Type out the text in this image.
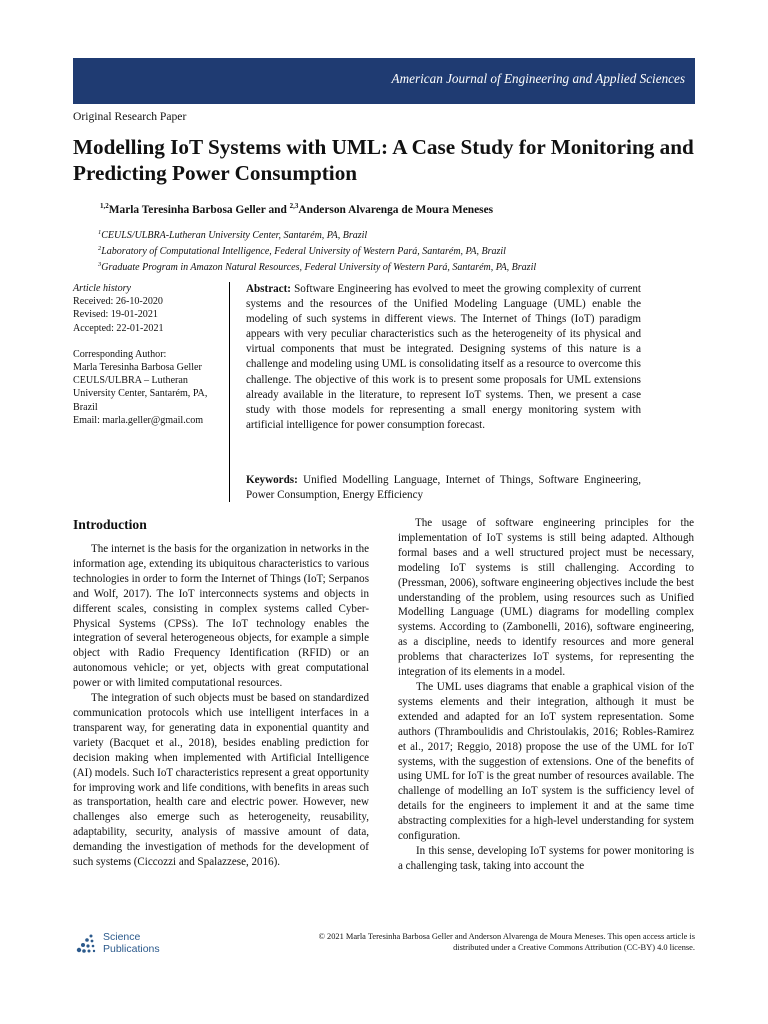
American Journal of Engineering and Applied Sciences
Original Research Paper
Modelling IoT Systems with UML: A Case Study for Monitoring and Predicting Power Consumption
$^{1,2}$Marla Teresinha Barbosa Geller and $^{2,3}$Anderson Alvarenga de Moura Meneses
$^1$CEULS/ULBRA-Lutheran University Center, Santarém, PA, Brazil
$^2$Laboratory of Computational Intelligence, Federal University of Western Pará, Santarém, PA, Brazil
$^3$Graduate Program in Amazon Natural Resources, Federal University of Western Pará, Santarém, PA, Brazil
Article history
Received: 26-10-2020
Revised: 19-01-2021
Accepted: 22-01-2021
Corresponding Author:
Marla Teresinha Barbosa Geller
CEULS/ULBRA – Lutheran University Center, Santarém, PA, Brazil
Email: marla.geller@gmail.com

Abstract: Software Engineering has evolved to meet the growing complexity of current systems and the resources of the Unified Modeling Language (UML) enable the modeling of such systems in different views. The Internet of Things (IoT) paradigm appears with very peculiar characteristics such as the heterogeneity of its physical and virtual components that must be integrated. Designing systems of this nature is a challenge and modeling using UML is consolidating itself as a resource to overcome this challenge. The objective of this work is to present some proposals for UML extensions already available in the literature, to represent IoT systems. Then, we present a case study with those models for representing a small energy monitoring system with artificial intelligence for power consumption forecast.

Keywords: Unified Modelling Language, Internet of Things, Software Engineering, Power Consumption, Energy Efficiency

Introduction

The internet is the basis for the organization in networks in the information age, extending its ubiquitous characteristics to various technologies in order to form the Internet of Things (IoT; Serpanos and Wolf, 2017). The IoT interconnects systems and objects in different scales, consisting in complex systems called Cyber-Physical Systems (CPSs). The IoT technology enables the integration of several heterogeneous objects, for example a simple object with Radio Frequency Identification (RFID) or an autonomous vehicle; or yet, objects with great computational power or with limited computational resources.

The integration of such objects must be based on standardized communication protocols which use intelligent interfaces in a transparent way, for generating data in exponential quantity and variety (Bacquet et al., 2018), besides enabling prediction for decision making when implemented with Artificial Intelligence (AI) models. Such IoT characteristics represent a great opportunity for improving work and life conditions, with benefits in areas such as transportation, health care and electric power. However, new challenges also emerge such as heterogeneity, reusability, adaptability, security, analysis of massive amount of data, demanding the investigation of methods for the development of such systems (Ciccozzi and Spalazzese, 2016).

The usage of software engineering principles for the implementation of IoT systems is still being adapted. Although formal bases and a well structured project must be necessary, modeling IoT systems is still challenging. According to (Pressman, 2006), software engineering objectives include the best understanding of the problem, using resources such as Unified Modelling Language (UML) diagrams for modelling complex systems. According to (Zambonelli, 2016), software engineering, as a discipline, needs to identify resources and more general problems that characterizes IoT systems, for representing the integration of its elements in a model.

The UML uses diagrams that enable a graphical vision of the systems elements and their integration, although it must be extended and adapted for an IoT system representation. Some authors (Thramboulidis and Christoulakis, 2016; Robles-Ramirez et al., 2017; Reggio, 2018) propose the use of the UML for IoT systems, with the suggestion of extensions. One of the benefits of using UML for IoT is the great number of resources available. The challenge of modelling an IoT system is the sufficiency level of details for the engineers to implement it and at the same time abstracting complexities for a high-level understanding for system configuration.

In this sense, developing IoT systems for power monitoring is a challenging task, taking into account the

Science
Publications
© 2021 Marla Teresinha Barbosa Geller and Anderson Alvarenga de Moura Meneses. This open access article is
distributed under a Creative Commons Attribution (CC-BY) 4.0 license.
